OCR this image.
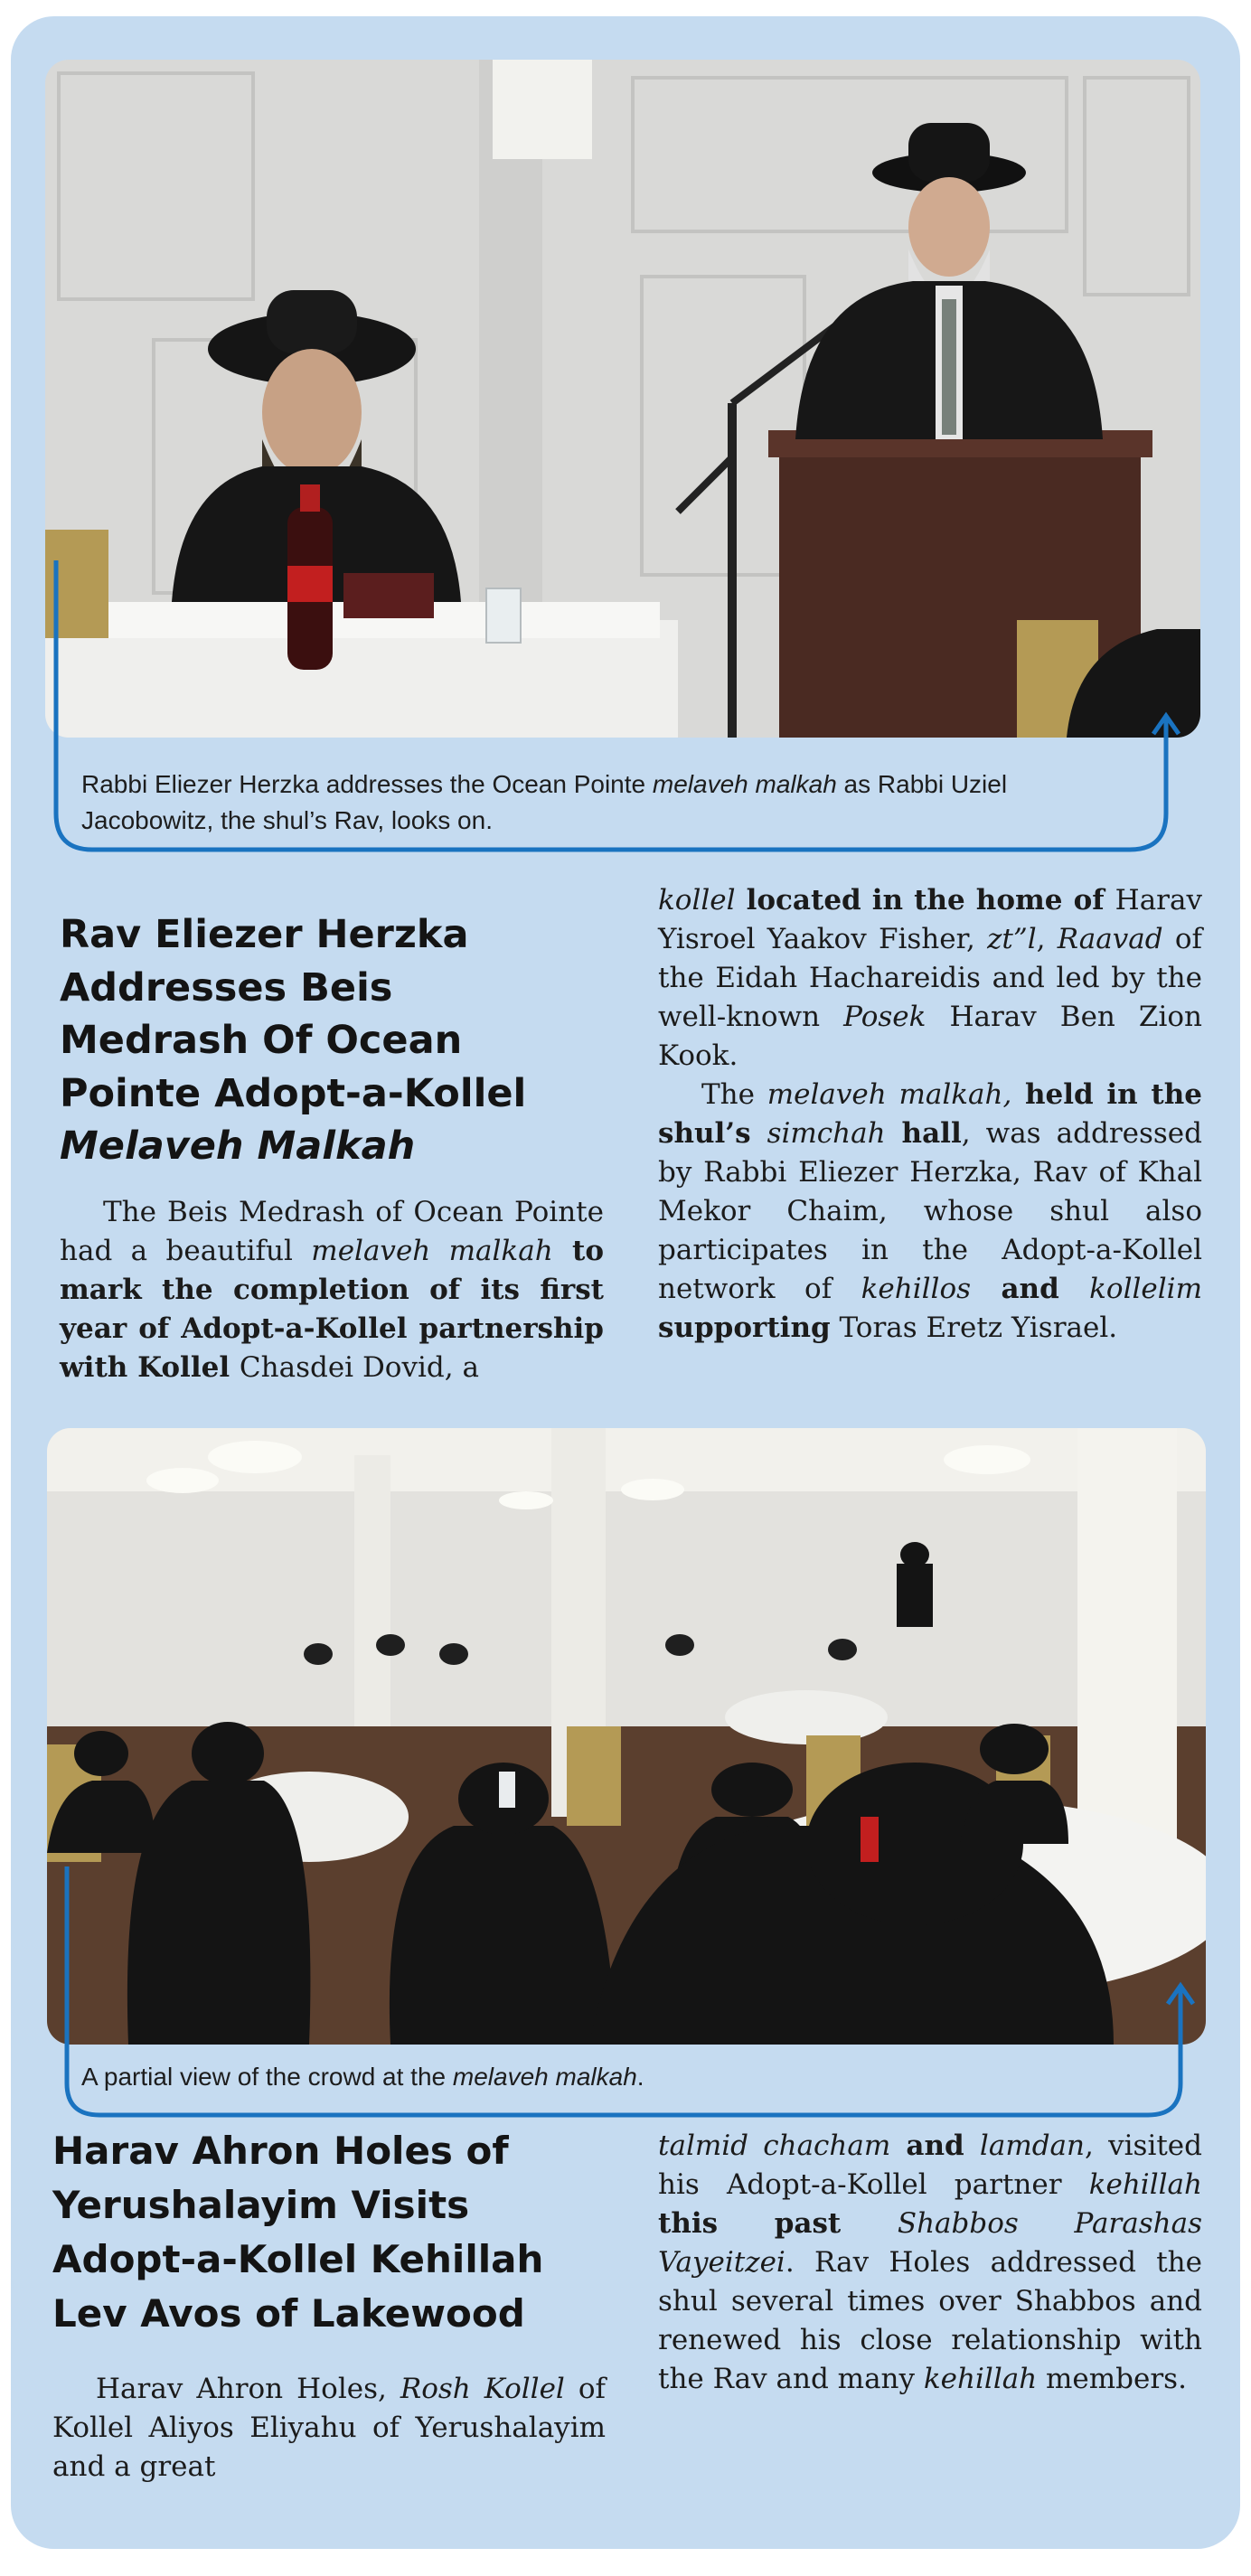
Rabbi Eliezer Herzka addresses the Ocean Pointe melaveh malkah as Rabbi Uziel Jacobowitz, the shul’s Rav, looks on.
Rav Eliezer Herzka
Addresses Beis
Medrash Of Ocean
Pointe Adopt-a-Kollel
Melaveh Malkah

The Beis Medrash of Ocean Pointe had a beautiful melaveh malkah to mark the completion of its first year of Adopt-a-Kollel partnership with Kollel Chasdei Dovid, a

kollel located in the home of Harav Yisroel Yaakov Fisher, zt”l, Raavad of the Eidah Hachareidis and led by the well-known Posek Harav Ben Zion Kook.

The melaveh malkah, held in the shul’s simchah hall, was addressed by Rabbi Eliezer Herzka, Rav of Khal Mekor Chaim, whose shul also participates in the Adopt-a-Kollel network of kehillos and kollelim supporting Toras Eretz Yisrael.

A partial view of the crowd at the melaveh malkah.
Harav Ahron Holes of
Yerushalayim Visits
Adopt-a-Kollel Kehillah
Lev Avos of Lakewood

Harav Ahron Holes, Rosh Kollel of Kollel Aliyos Eliyahu of Yerushalayim and a great

talmid chacham and lamdan, visited his Adopt-a-Kollel partner kehillah this past Shabbos Parashas Vayeitzei. Rav Holes addressed the shul several times over Shabbos and renewed his close relationship with the Rav and many kehillah members.
